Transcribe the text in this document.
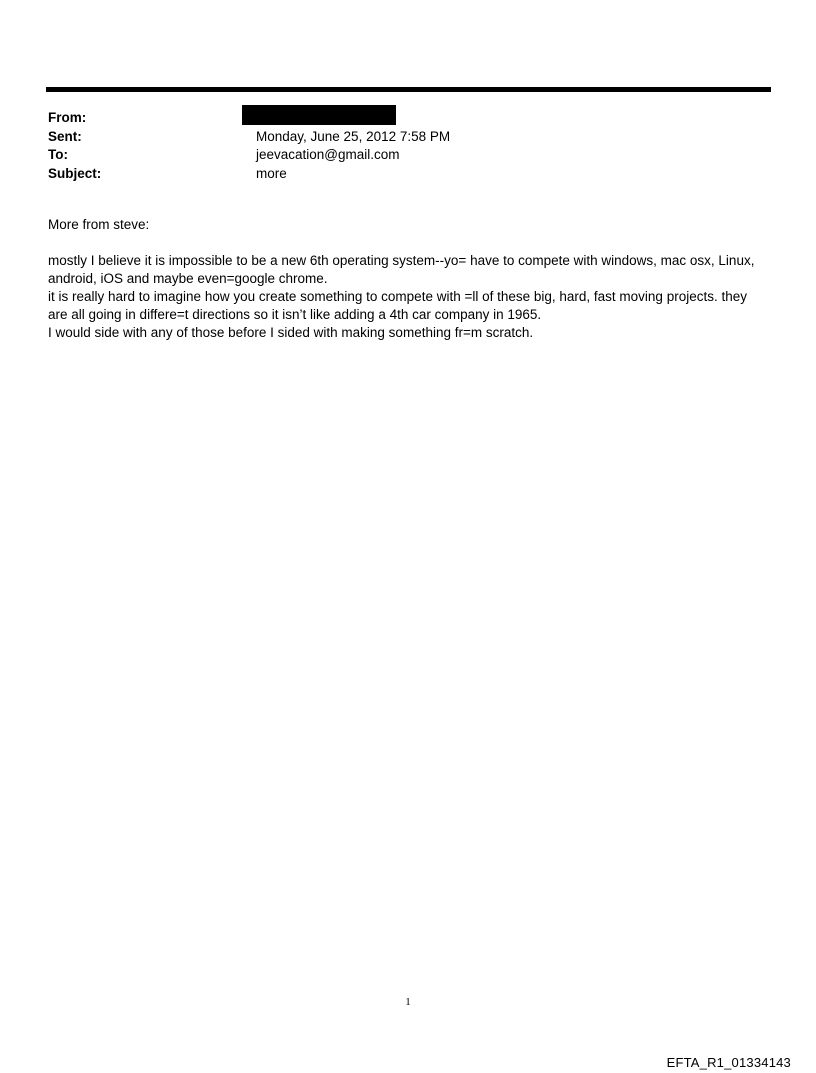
From:
Sent:	Monday, June 25, 2012 7:58 PM
To:	jeevacation@gmail.com
Subject:	more
More from steve:

mostly I believe it is impossible to be a new 6th operating system--yo= have to compete with windows, mac osx, Linux,

android, iOS and maybe even=google chrome.

it is really hard to imagine how you create something to compete with =ll of these big, hard, fast moving projects. they

are all going in differe=t directions so it isn’t like adding a 4th car company in 1965.

I would side with any of those before I sided with making something fr=m scratch.

1
EFTA_R1_01334143
